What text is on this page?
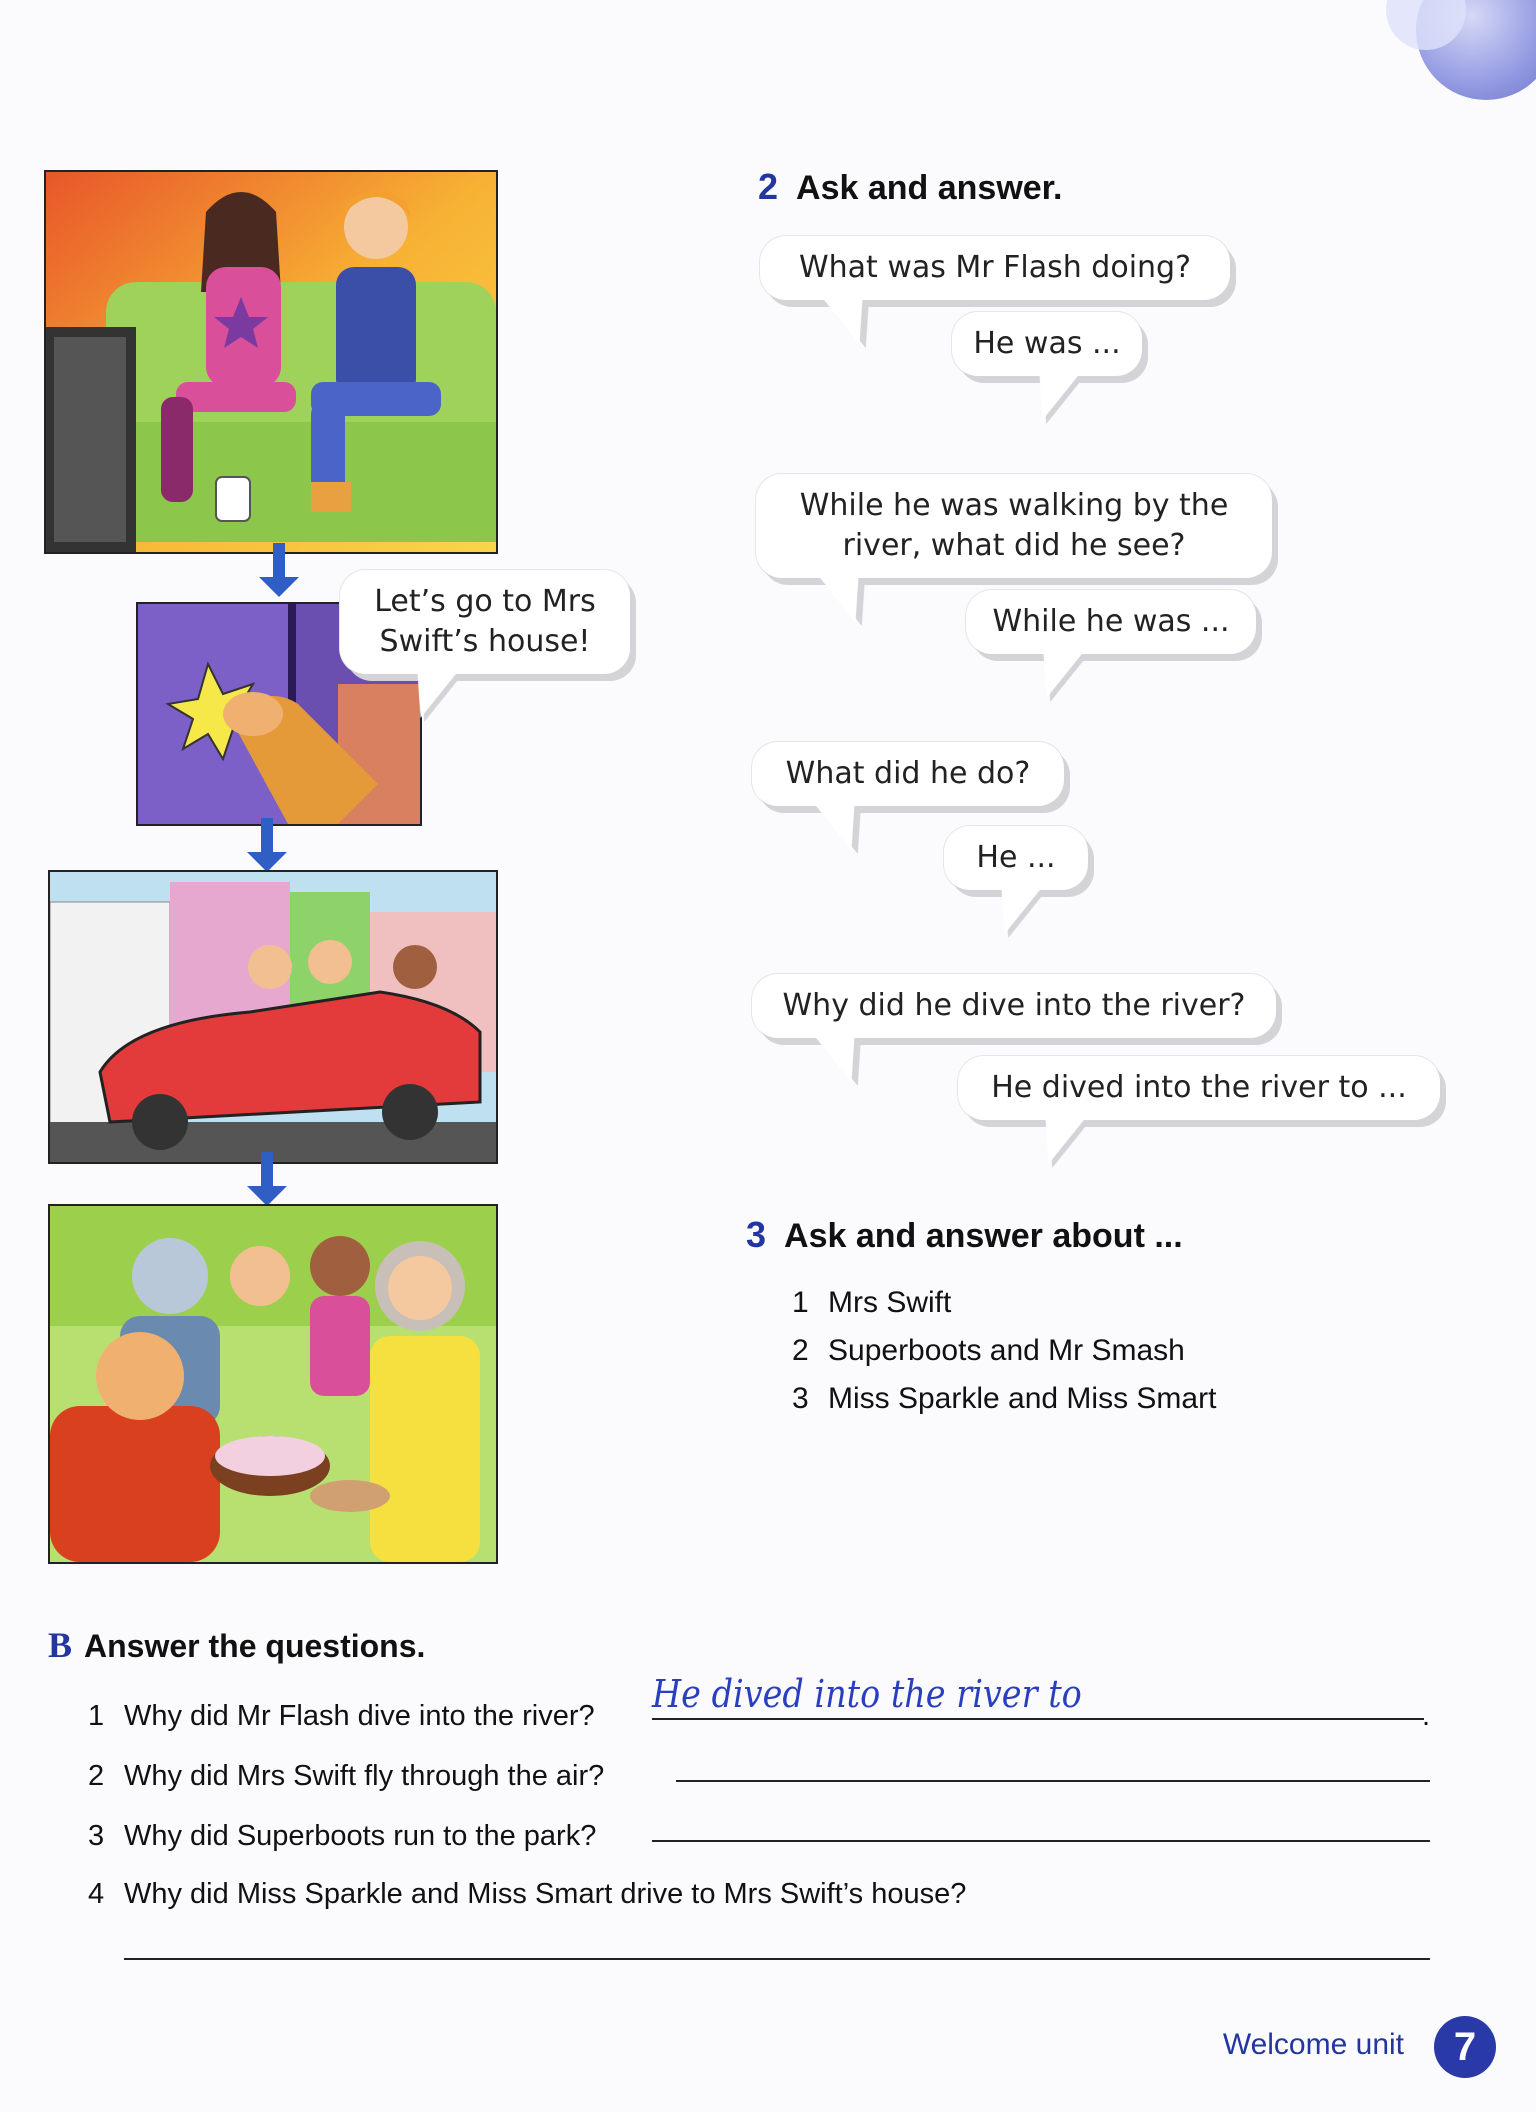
Let’s go to Mrs Swift’s house!
2 Ask and answer.
What was Mr Flash doing?
He was ...
While he was walking by the river, what did he see?
While he was ...
What did he do?
He ...
Why did he dive into the river?
He dived into the river to ...
3 Ask and answer about ...
1 Mrs Swift
2 Superboots and Mr Smash
3 Miss Sparkle and Miss Smart
B Answer the questions.
1 Why did Mr Flash dive into the river? He dived into the river to	.
2 Why did Mrs Swift fly through the air?
3 Why did Superboots run to the park?
4 Why did Miss Sparkle and Miss Smart drive to Mrs Swift’s house?
Welcome unit	7
